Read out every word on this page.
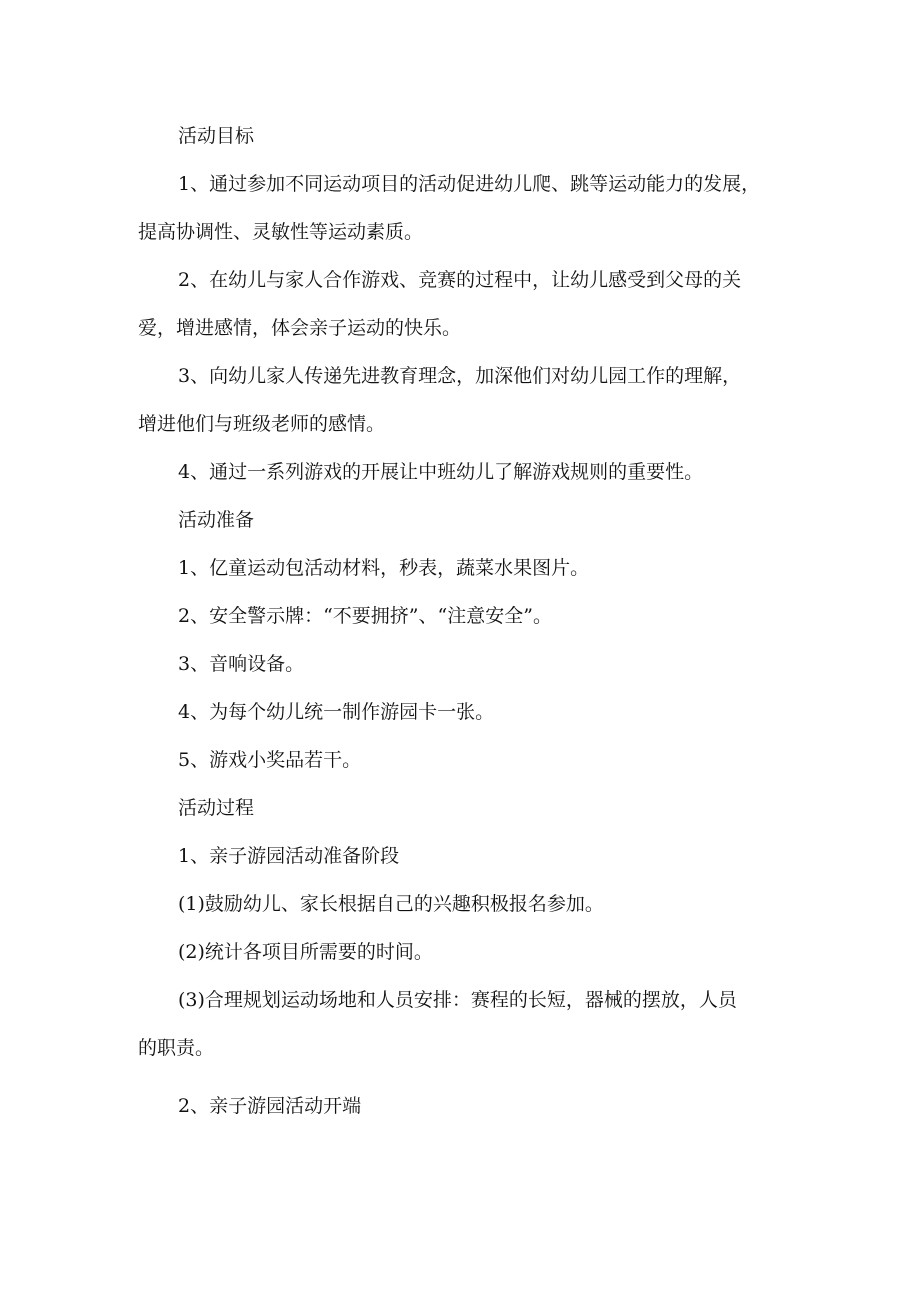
活动目标

1、通过参加不同运动项目的活动促进幼儿爬、跳等运动能力的发展，

提高协调性、灵敏性等运动素质。

2、在幼儿与家人合作游戏、竞赛的过程中，让幼儿感受到父母的关

爱，增进感情，体会亲子运动的快乐。

3、向幼儿家人传递先进教育理念，加深他们对幼儿园工作的理解，

增进他们与班级老师的感情。

4、通过一系列游戏的开展让中班幼儿了解游戏规则的重要性。

活动准备

1、亿童运动包活动材料，秒表，蔬菜水果图片。

2、安全警示牌：“不要拥挤”、“注意安全”。

3、音响设备。

4、为每个幼儿统一制作游园卡一张。

5、游戏小奖品若干。

活动过程

1、亲子游园活动准备阶段

(1)鼓励幼儿、家长根据自己的兴趣积极报名参加。

(2)统计各项目所需要的时间。

(3)合理规划运动场地和人员安排：赛程的长短，器械的摆放，人员

的职责。

2、亲子游园活动开端
